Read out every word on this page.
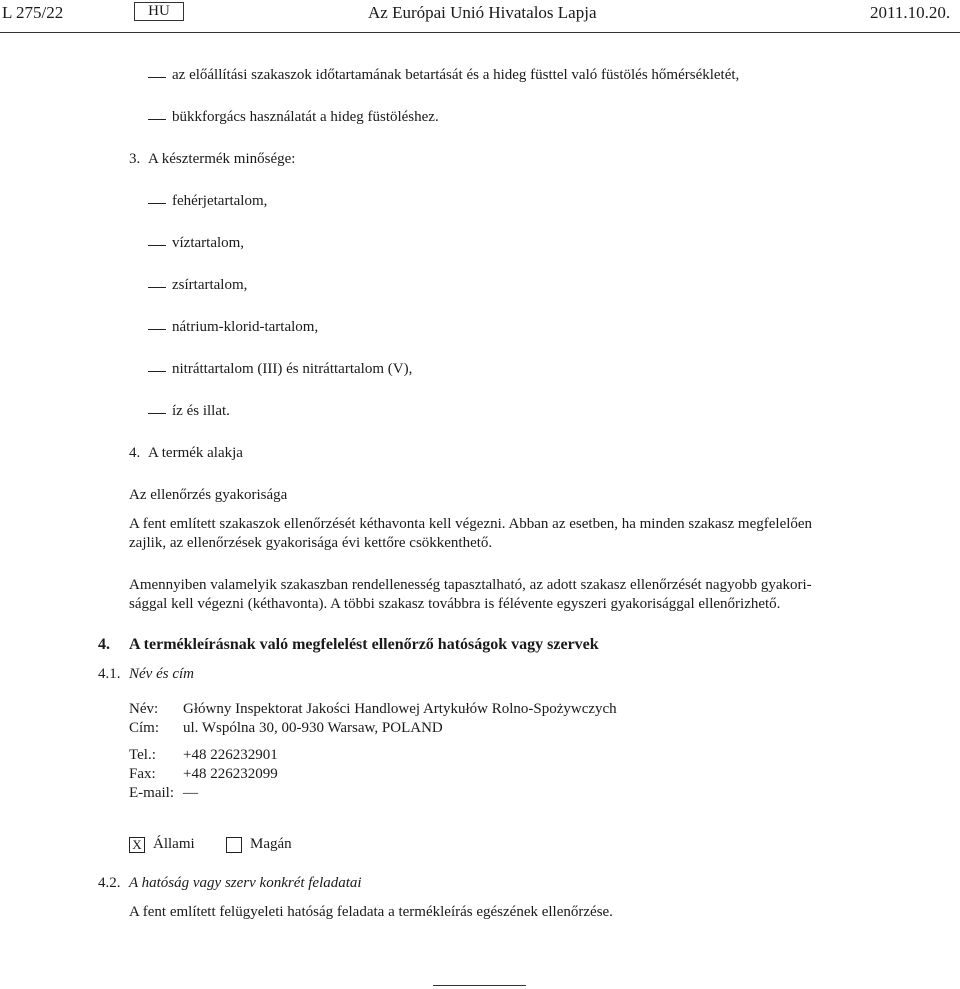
L 275/22	HU	Az Európai Unió Hivatalos Lapja	2011.10.20.
az előállítási szakaszok időtartamának betartását és a hideg füsttel való füstölés hőmérsékletét,
bükkforgács használatát a hideg füstöléshez.
3. A késztermék minősége:
fehérjetartalom,
víztartalom,
zsírtartalom,
nátrium-klorid-tartalom,
nitráttartalom (III) és nitráttartalom (V),
íz és illat.
4. A termék alakja
Az ellenőrzés gyakorisága
A fent említett szakaszok ellenőrzését kéthavonta kell végezni. Abban az esetben, ha minden szakasz megfelelően
zajlik, az ellenőrzések gyakorisága évi kettőre csökkenthető.
Amennyiben valamelyik szakaszban rendellenesség tapasztalható, az adott szakasz ellenőrzését nagyobb gyakori-
sággal kell végezni (kéthavonta). A többi szakasz továbbra is félévente egyszeri gyakorisággal ellenőrizhető.
4. A termékleírásnak való megfelelést ellenőrző hatóságok vagy szervek
4.1. Név és cím
Név: Główny Inspektorat Jakości Handlowej Artykułów Rolno-Spożywczych
Cím: ul. Wspólna 30, 00-930 Warsaw, POLAND
Tel.: +48 226232901
Fax: +48 226232099
E-mail: —
X Állami	Magán
4.2. A hatóság vagy szerv konkrét feladatai
A fent említett felügyeleti hatóság feladata a termékleírás egészének ellenőrzése.
